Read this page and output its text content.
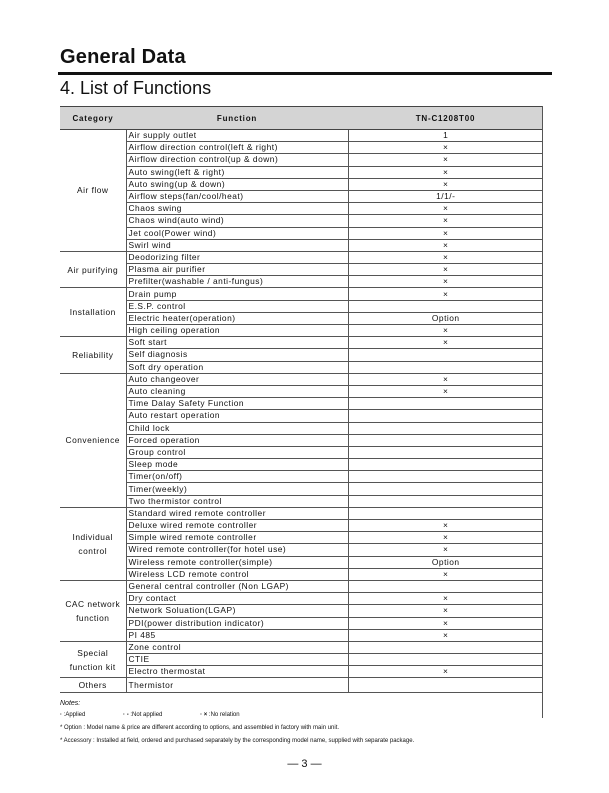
General Data
4. List of Functions
Category	Function	TN-C1208T00
Air flow	Air supply outlet	1
	Airflow direction control(left & right)	×
	Airflow direction control(up & down)	×
	Auto swing(left & right)	×
	Auto swing(up & down)	×
	Airflow steps(fan/cool/heat)	1/1/-
	Chaos swing	×
	Chaos wind(auto wind)	×
	Jet cool(Power wind)	×
	Swirl wind	×
Air purifying	Deodorizing filter	×
	Plasma air purifier	×
	Prefilter(washable / anti-fungus)	×
Installation	Drain pump	×
	E.S.P. control	
	Electric heater(operation)	Option
	High ceiling operation	×
Reliability	Soft start	×
	Self diagnosis	
	Soft dry operation	
Convenience	Auto changeover	×
	Auto cleaning	×
	Time Dalay Safety Function	
	Auto restart operation	
	Child lock	
	Forced operation	
	Group control	
	Sleep mode	
	Timer(on/off)	
	Timer(weekly)	
	Two thermistor control	
Individual control	Standard wired remote controller	
	Deluxe wired remote controller	×
	Simple wired remote controller	×
	Wired remote controller(for hotel use)	×
	Wireless remote controller(simple)	Option
	Wireless LCD remote control	×
CAC network function	General central controller (Non LGAP)	
	Dry contact	×
	Network Soluation(LGAP)	×
	PDI(power distribution indicator)	×
	PI 485	×
Special function kit	Zone control	
	CTIE	
	Electro thermostat	×
Others	Thermistor	
Notes:
· :Applied	· - :Not applied	· × :No relation
* Option : Model name & price are different according to options, and assembled in factory with main unit.
* Accessory : Installed at field, ordered and purchased separately by the corresponding model name, supplied with separate package.
— 3 —
